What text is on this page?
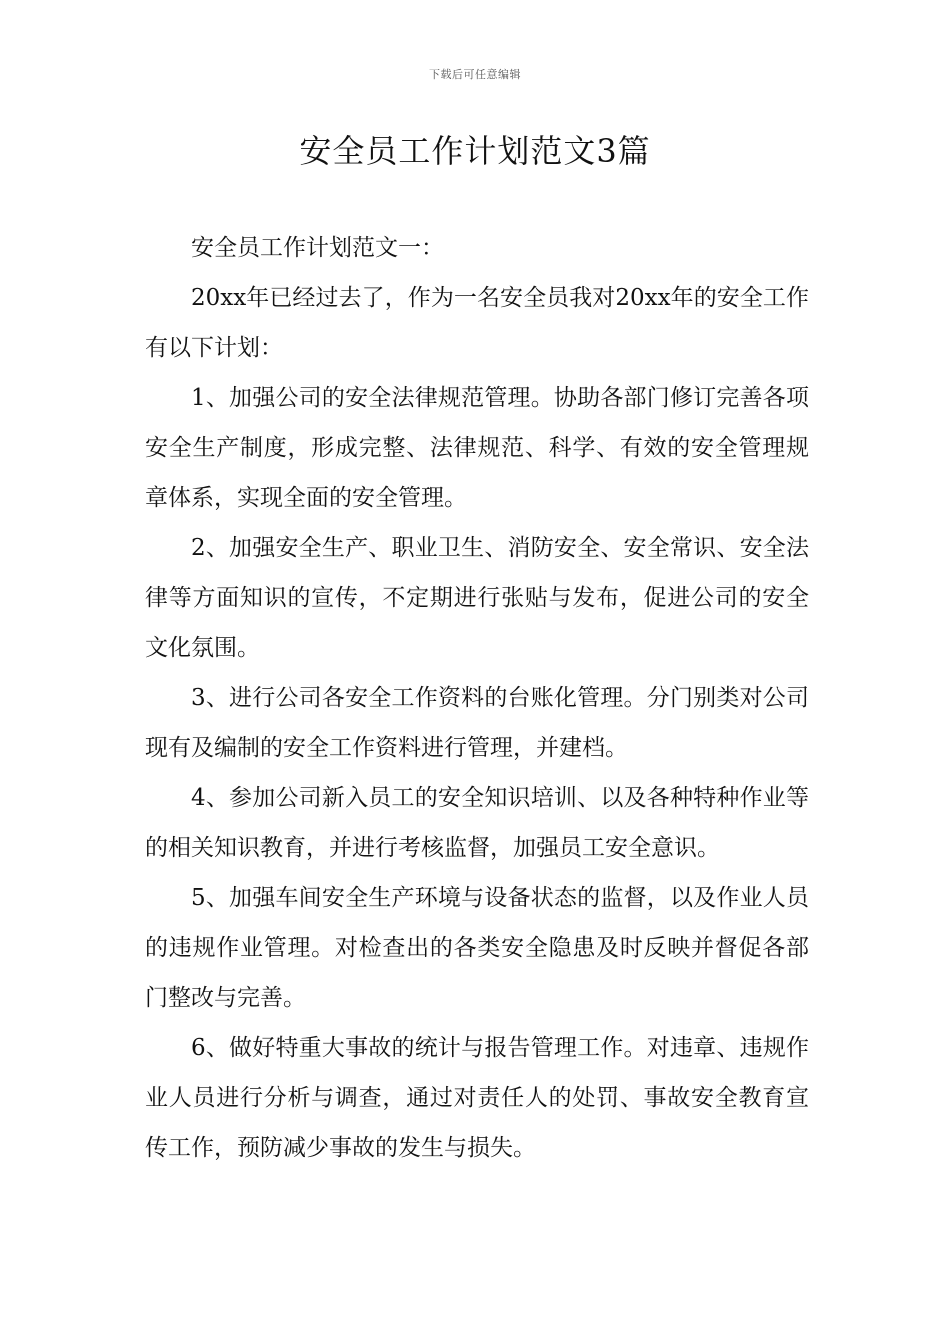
下载后可任意编辑
安全员工作计划范文3篇

安全员工作计划范文一：

20xx年已经过去了，作为一名安全员我对20xx年的安全工作有以下计划：

1、加强公司的安全法律规范管理。协助各部门修订完善各项安全生产制度，形成完整、法律规范、科学、有效的安全管理规章体系，实现全面的安全管理。

2、加强安全生产、职业卫生、消防安全、安全常识、安全法律等方面知识的宣传，不定期进行张贴与发布，促进公司的安全文化氛围。

3、进行公司各安全工作资料的台账化管理。分门别类对公司现有及编制的安全工作资料进行管理，并建档。

4、参加公司新入员工的安全知识培训、以及各种特种作业等的相关知识教育，并进行考核监督，加强员工安全意识。

5、加强车间安全生产环境与设备状态的监督，以及作业人员的违规作业管理。对检查出的各类安全隐患及时反映并督促各部门整改与完善。

6、做好特重大事故的统计与报告管理工作。对违章、违规作业人员进行分析与调查，通过对责任人的处罚、事故安全教育宣传工作，预防减少事故的发生与损失。
